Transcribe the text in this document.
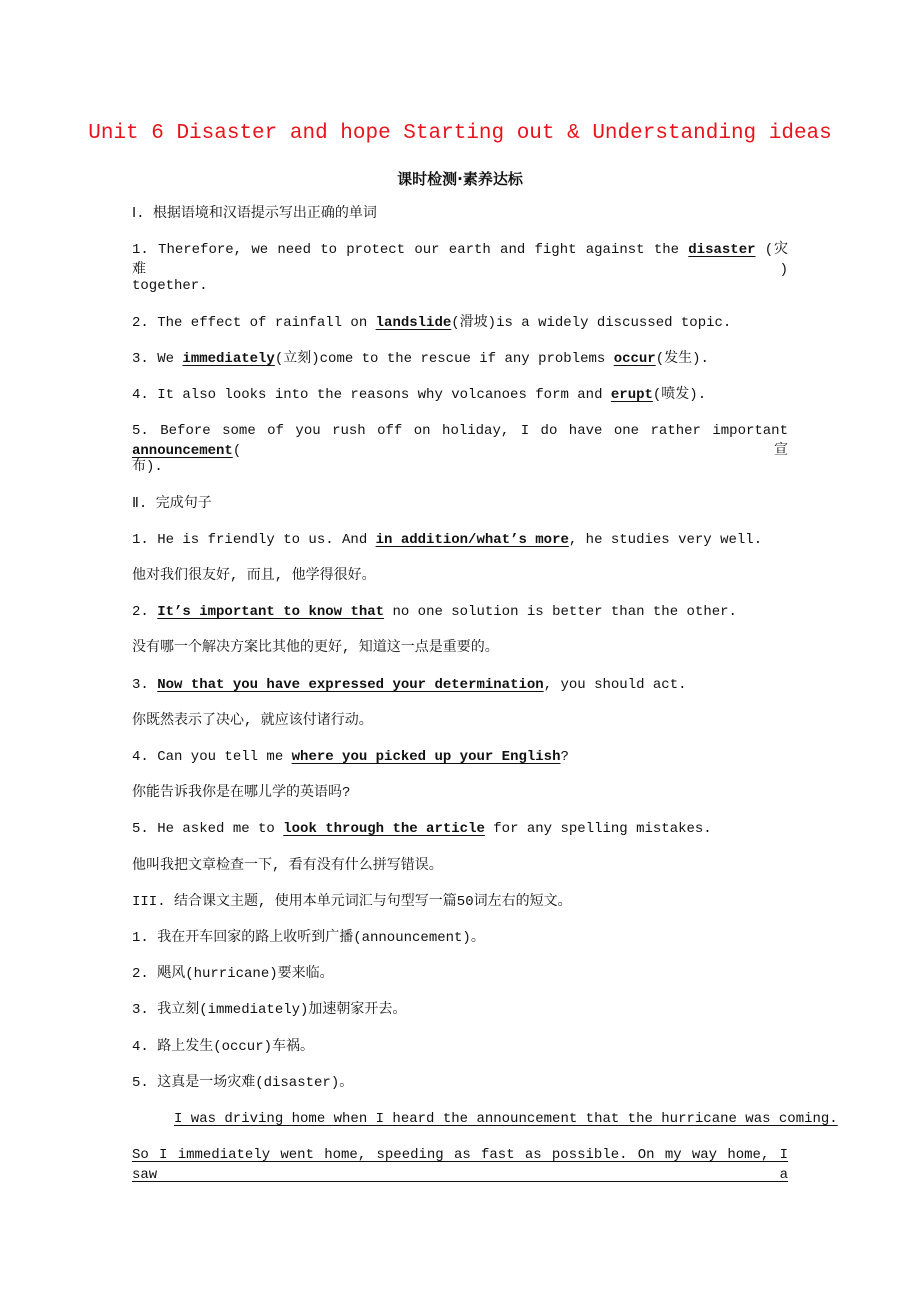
Unit 6 Disaster and hope Starting out & Understanding ideas
课时检测·素养达标
Ⅰ. 根据语境和汉语提示写出正确的单词
1. Therefore, we need to protect our earth and fight against the disaster (灾难)
together.
2. The effect of rainfall on landslide(滑坡)is a widely discussed topic.
3. We immediately(立刻)come to the rescue if any problems occur(发生).
4. It also looks into the reasons why volcanoes form and erupt(喷发).
5. Before some of you rush off on holiday, I do have one rather important announcement(宣
布).
Ⅱ. 完成句子
1. He is friendly to us. And in addition/what’s more, he studies very well.
他对我们很友好, 而且, 他学得很好。
2. It’s important to know that no one solution is better than the other.
没有哪一个解决方案比其他的更好, 知道这一点是重要的。
3. Now that you have expressed your determination, you should act.
你既然表示了决心, 就应该付诸行动。
4. Can you tell me where you picked up your English?
你能告诉我你是在哪儿学的英语吗?
5. He asked me to look through the article for any spelling mistakes.
他叫我把文章检查一下, 看有没有什么拼写错误。
III. 结合课文主题, 使用本单元词汇与句型写一篇50词左右的短文。
1. 我在开车回家的路上收听到广播(announcement)。
2. 飓风(hurricane)要来临。
3. 我立刻(immediately)加速朝家开去。
4. 路上发生(occur)车祸。
5. 这真是一场灾难(disaster)。
I was driving home when I heard the announcement that the hurricane was coming.
So I immediately went home, speeding as fast as possible. On my way home, I saw a
